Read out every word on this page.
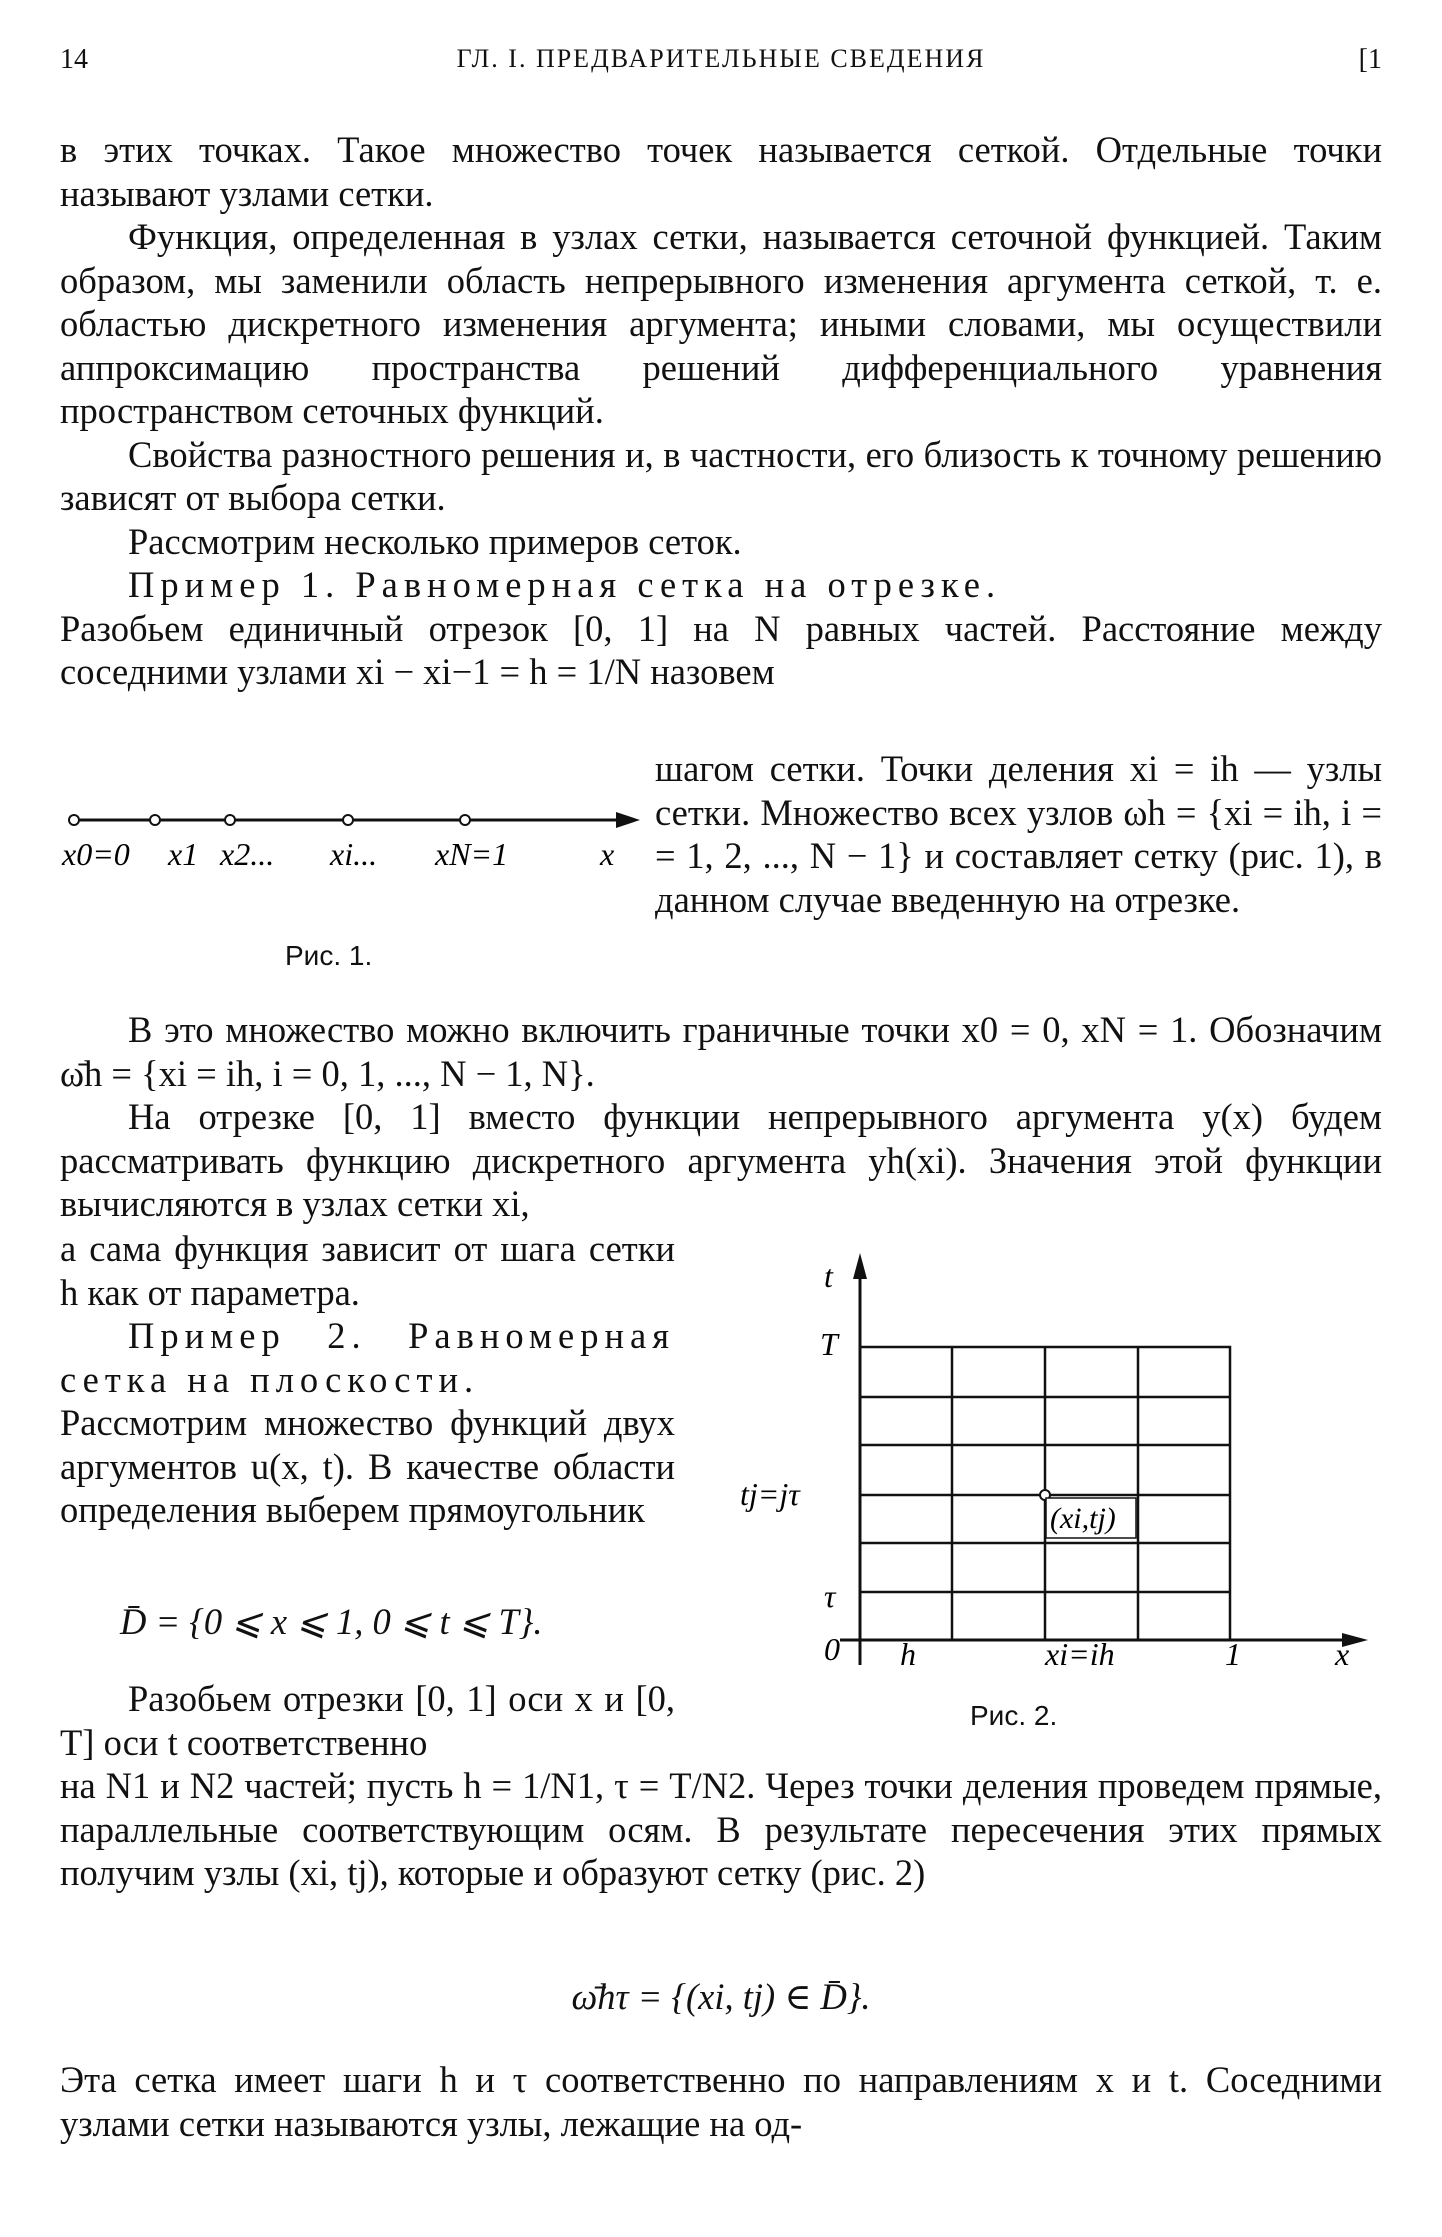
14	ГЛ. I. ПРЕДВАРИТЕЛЬНЫЕ СВЕДЕНИЯ	[1

в этих точках. Такое множество точек называется сеткой. Отдельные точки называют узлами сетки.

Функция, определенная в узлах сетки, называется сеточной функцией. Таким образом, мы заменили область непрерывного изменения аргумента сеткой, т. е. областью дискретного изменения аргумента; иными словами, мы осуществили аппроксимацию пространства решений дифференциального уравнения пространством сеточных функций.

Свойства разностного решения и, в частности, его близость к точному решению зависят от выбора сетки.

Рассмотрим несколько примеров сеток.

Пример 1. Равномерная сетка на отрезке.

Разобьем единичный отрезок [0, 1] на N равных частей. Расстояние между соседними узлами xi − xi−1 = h = 1/N назовем

x0=0 x1 x2... xi... xN=1	x
Рис. 1.

шагом сетки. Точки деления xi = ih — узлы сетки. Множество всех узлов ωh = {xi = ih, i = = 1, 2, ..., N − 1} и составляет сетку (рис. 1), в данном случае введенную на отрезке.

В это множество можно включить граничные точки x0 = 0, xN = 1. Обозначим ω̄h = {xi = ih, i = 0, 1, ..., N − 1, N}.

На отрезке [0, 1] вместо функции непрерывного аргумента y(x) будем рассматривать функцию дискретного аргумента yh(xi). Значения этой функции вычисляются в узлах сетки xi,

а сама функция зависит от шага сетки h как от параметра.

Пример 2. Равномерная сетка на плоскости.

Рассмотрим множество функций двух аргументов u(x, t). В качестве области определения выберем прямоугольник

D̄ = {0 ⩽ x ⩽ 1, 0 ⩽ t ⩽ T}.

Разобьем отрезки [0, 1] оси x и [0, T] оси t соответственно

(xi,tj)
t
T
tj=jτ
τ
0 h	xi=ih	1	x
Рис. 2.

на N1 и N2 частей; пусть h = 1/N1, τ = T/N2. Через точки деления проведем прямые, параллельные соответствующим осям. В результате пересечения этих прямых получим узлы (xi, tj), которые и образуют сетку (рис. 2)

ω̄hτ = {(xi, tj) ∈ D̄}.

Эта сетка имеет шаги h и τ соответственно по направлениям x и t. Соседними узлами сетки называются узлы, лежащие на од-
